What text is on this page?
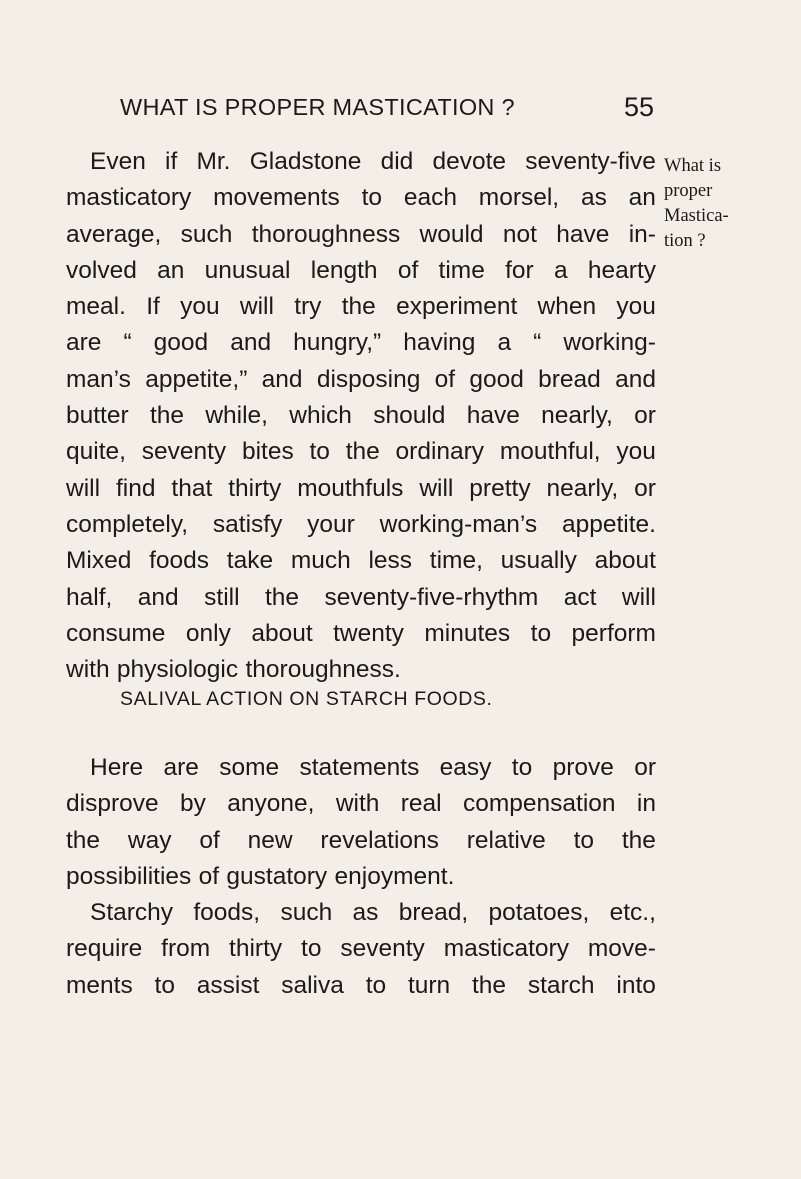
WHAT IS PROPER MASTICATION ?	55
What is
proper
Mastica-
tion ?
Even if Mr. Gladstone did devote seventy-five
masticatory movements to each morsel, as an
average, such thoroughness would not have in-
volved an unusual length of time for a hearty
meal. If you will try the experiment when you
are “ good and hungry,” having a “ working-
man’s appetite,” and disposing of good bread and
butter the while, which should have nearly, or
quite, seventy bites to the ordinary mouthful, you
will find that thirty mouthfuls will pretty nearly, or
completely, satisfy your working-man’s appetite.
Mixed foods take much less time, usually about
half, and still the seventy-five-rhythm act will
consume only about twenty minutes to perform
with physiologic thoroughness.
SALIVAL ACTION ON STARCH FOODS.
Here are some statements easy to prove or
disprove by anyone, with real compensation in
the way of new revelations relative to the
possibilities of gustatory enjoyment.
Starchy foods, such as bread, potatoes, etc.,
require from thirty to seventy masticatory move-
ments to assist saliva to turn the starch into
